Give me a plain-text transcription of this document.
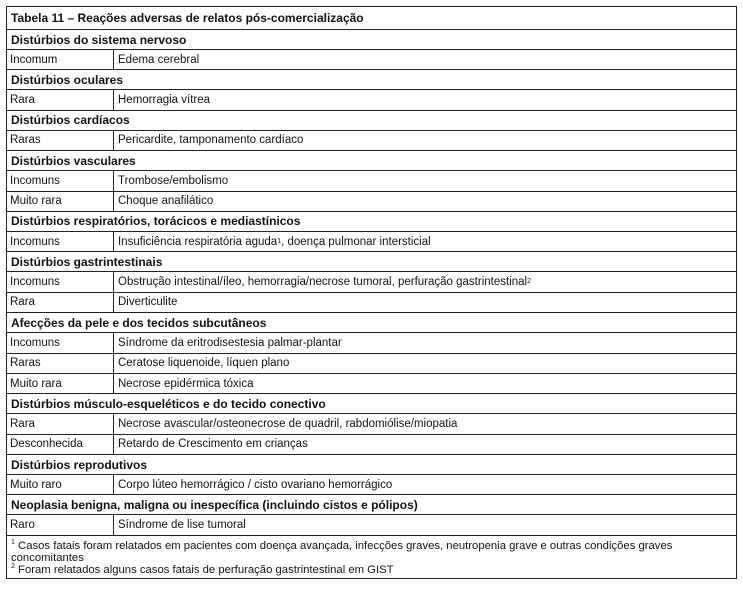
Tabela 11 – Reações adversas de relatos pós-comercialização
Distúrbios do sistema nervoso
Incomum	Edema cerebral
Distúrbios oculares
Rara	Hemorragia vítrea
Distúrbios cardíacos
Raras	Pericardite, tamponamento cardíaco
Distúrbios vasculares
Incomuns	Trombose/embolismo
Muito rara	Choque anafilático
Distúrbios respiratórios, torácicos e mediastínicos
Incomuns	Insuficiência respiratória aguda 1 , doença pulmonar intersticial
Distúrbios gastrintestinais
Incomuns	Obstrução intestinal/íleo, hemorragia/necrose tumoral, perfuração gastrintestinal 2
Rara	Diverticulite
Afecções da pele e dos tecidos subcutâneos
Incomuns	Síndrome da eritrodisestesia palmar-plantar
Raras	Ceratose liquenoide, líquen plano
Muito rara	Necrose epidérmica tóxica
Distúrbios músculo-esqueléticos e do tecido conectivo
Rara	Necrose avascular/osteonecrose de quadril, rabdomiólise/miopatia
Desconhecida	Retardo de Crescimento em crianças
Distúrbios reprodutivos
Muito raro	Corpo lúteo hemorrágico / cisto ovariano hemorrágico
Neoplasia benigna, maligna ou inespecífica (incluindo cistos e pólipos)
Raro	Síndrome de lise tumoral

$^1$ Casos fatais foram relatados em pacientes com doença avançada, infecções graves, neutropenia grave e outras condições graves concomitantes

$^2$ Foram relatados alguns casos fatais de perfuração gastrintestinal em GIST
